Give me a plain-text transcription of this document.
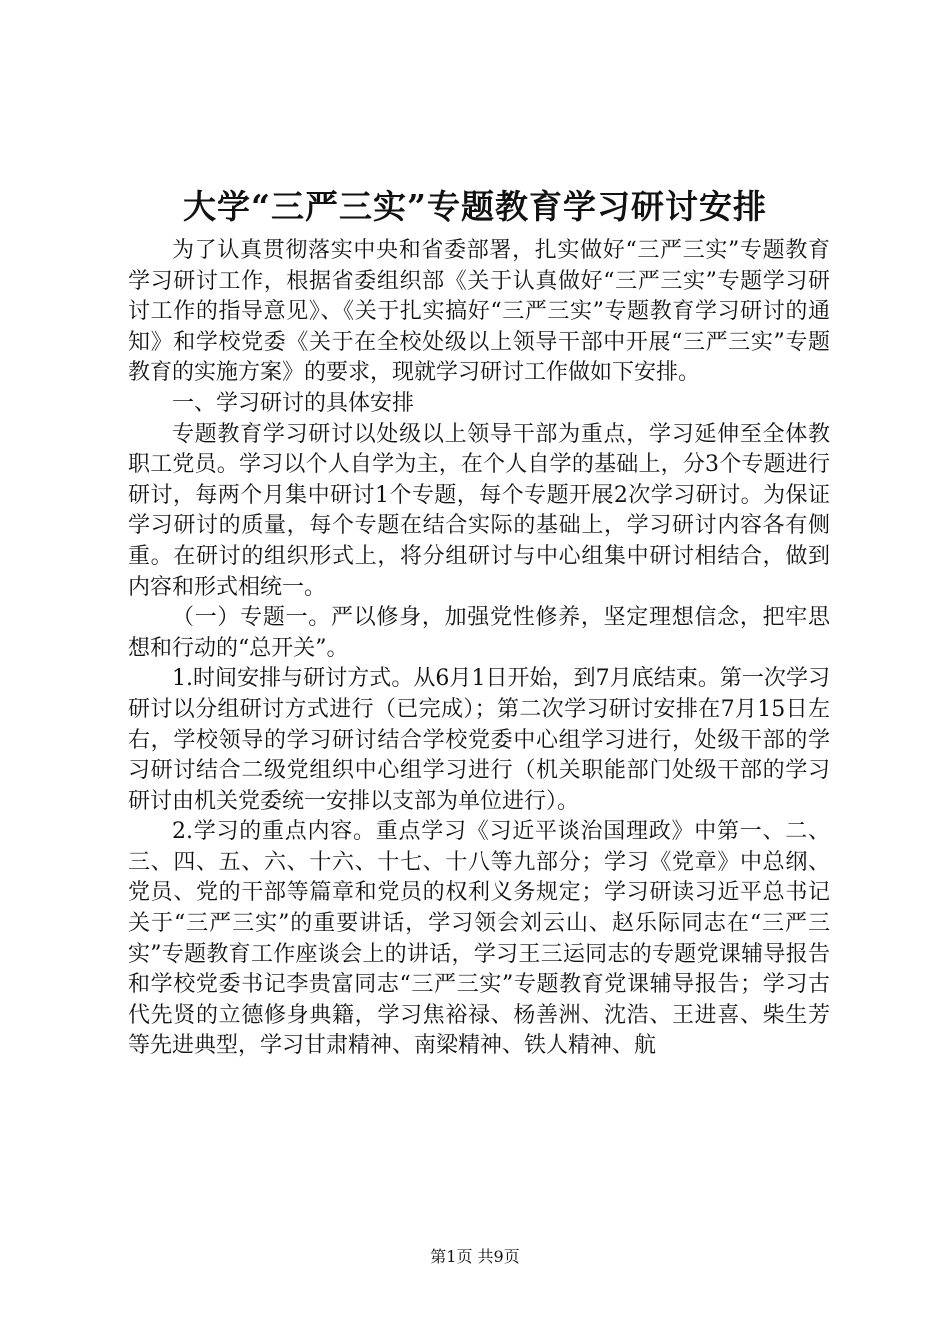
大学“三严三实”专题教育学习研讨安排

为了认真贯彻落实中央和省委部署，扎实做好“三严三实”专题教育学习研讨工作，根据省委组织部《关于认真做好“三严三实”专题学习研讨工作的指导意见》、《关于扎实搞好“三严三实”专题教育学习研讨的通知》和学校党委《关于在全校处级以上领导干部中开展“三严三实”专题教育的实施方案》的要求，现就学习研讨工作做如下安排。

一、学习研讨的具体安排

专题教育学习研讨以处级以上领导干部为重点，学习延伸至全体教职工党员。学习以个人自学为主，在个人自学的基础上，分3个专题进行研讨，每两个月集中研讨1个专题，每个专题开展2次学习研讨。为保证学习研讨的质量，每个专题在结合实际的基础上，学习研讨内容各有侧重。在研讨的组织形式上，将分组研讨与中心组集中研讨相结合，做到内容和形式相统一。

（一）专题一。严以修身，加强党性修养，坚定理想信念，把牢思想和行动的“总开关”。

1.时间安排与研讨方式。从6月1日开始，到7月底结束。第一次学习研讨以分组研讨方式进行（已完成）；第二次学习研讨安排在7月15日左右，学校领导的学习研讨结合学校党委中心组学习进行，处级干部的学习研讨结合二级党组织中心组学习进行（机关职能部门处级干部的学习研讨由机关党委统一安排以支部为单位进行）。

2.学习的重点内容。重点学习《习近平谈治国理政》中第一、二、三、四、五、六、十六、十七、十八等九部分；学习《党章》中总纲、党员、党的干部等篇章和党员的权利义务规定；学习研读习近平总书记关于“三严三实”的重要讲话，学习领会刘云山、赵乐际同志在“三严三实”专题教育工作座谈会上的讲话，学习王三运同志的专题党课辅导报告和学校党委书记李贵富同志“三严三实”专题教育党课辅导报告；学习古代先贤的立德修身典籍，学习焦裕禄、杨善洲、沈浩、王进喜、柴生芳等先进典型，学习甘肃精神、南梁精神、铁人精神、航

第1页 共9页
